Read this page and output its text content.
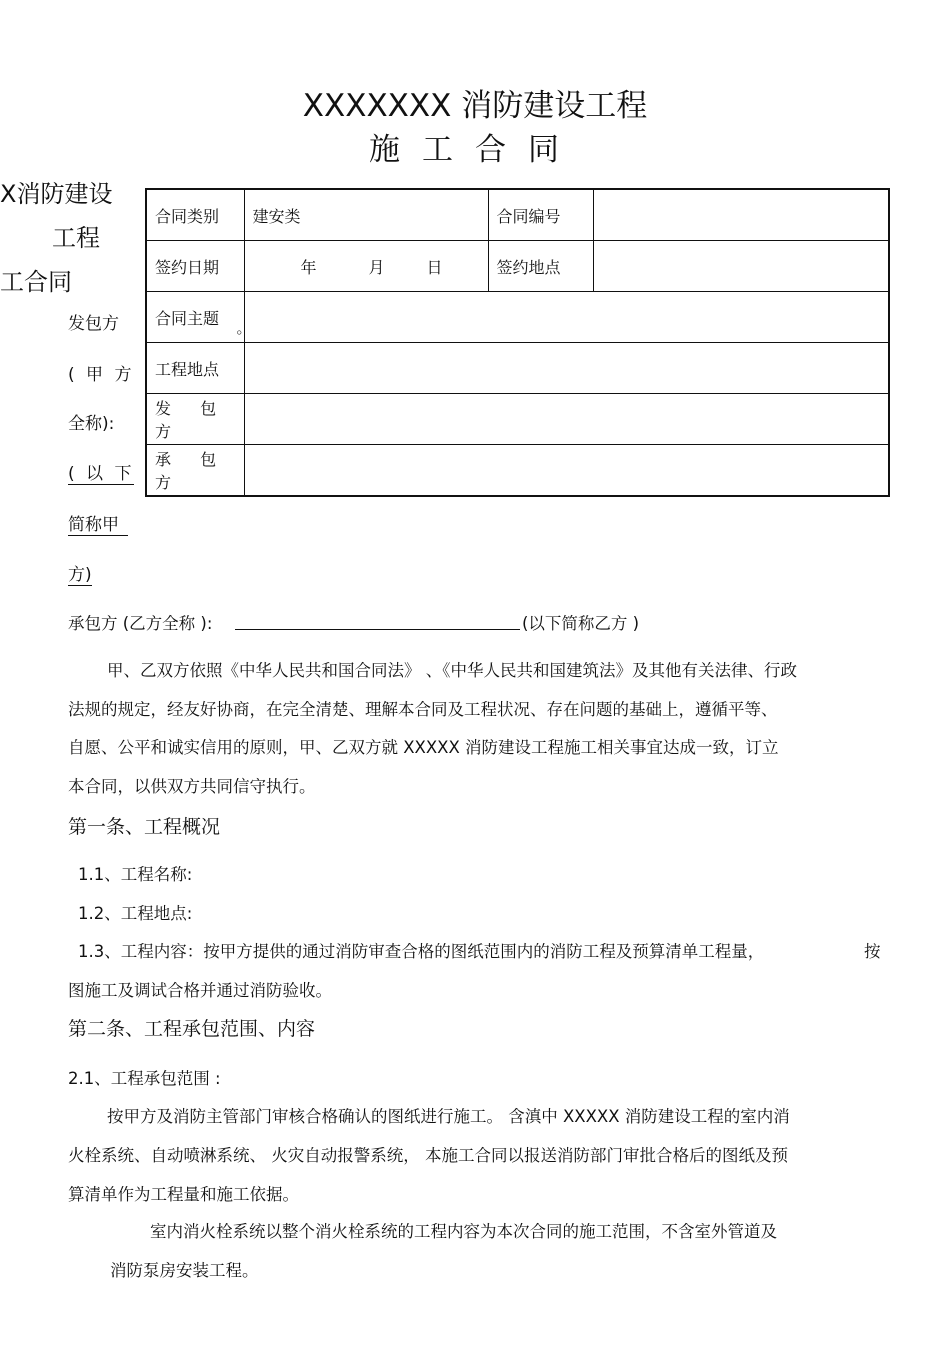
XXXXXXX 消防建设工程
施工合同
X消防建设
工程
工合同
发包方
( 甲 方
全称):
( 以 下
简称甲
方)
合同类别	建安类	合同编号	
签约日期	年 月 日	签约地点	
合同主题	。		
工程地点			
发 包 方			
承 包 方			
承包方 (乙方全称 ):	(以下简称乙方 )
甲、乙双方依照《中华人民共和国合同法》 、《中华人民共和国建筑法》及其他有关法律、行政
法规的规定，经友好协商，在完全清楚、理解本合同及工程状况、存在问题的基础上，遵循平等、
自愿、公平和诚实信用的原则，甲、乙双方就 XXXXX 消防建设工程施工相关事宜达成一致，订立
本合同，以供双方共同信守执行。
第一条、工程概况
1.1、工程名称:
1.2、工程地点:
1.3、工程内容：按甲方提供的通过消防审查合格的图纸范围内的消防工程及预算清单工程量，	按
图施工及调试合格并通过消防验收。
第二条、工程承包范围、内容
2.1、工程承包范围 :
按甲方及消防主管部门审核合格确认的图纸进行施工。 含滇中 XXXXX 消防建设工程的室内消
火栓系统、自动喷淋系统、 火灾自动报警系统， 本施工合同以报送消防部门审批合格后的图纸及预
算清单作为工程量和施工依据。
室内消火栓系统以整个消火栓系统的工程内容为本次合同的施工范围，不含室外管道及
消防泵房安装工程。
